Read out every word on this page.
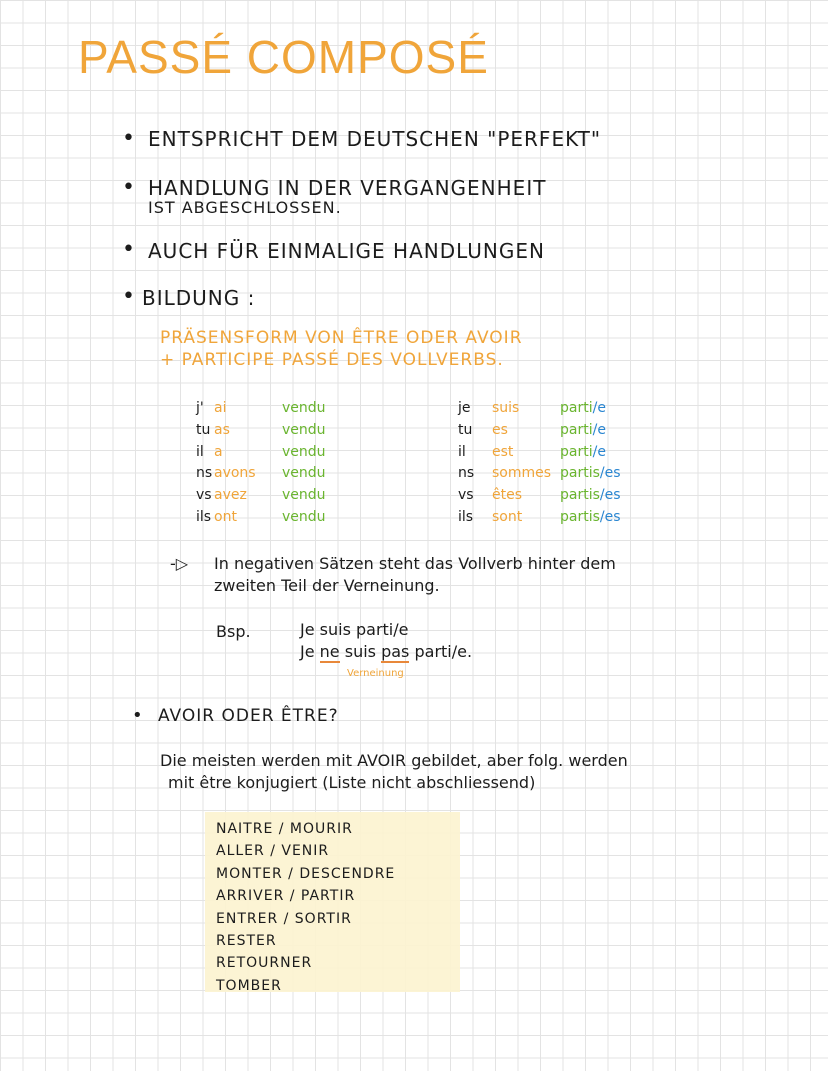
PASSÉ COMPOSÉ
• ENTSPRICHT DEM DEUTSCHEN "PERFEKT"
• HANDLUNG IN DER VERGANGENHEIT
IST ABGESCHLOSSEN.
• AUCH FÜR EINMALIGE HANDLUNGEN
• BILDUNG :
PRÄSENSFORM VON ÊTRE ODER AVOIR
+ PARTICIPE PASSÉ DES VOLLVERBS.
j' ai	vendu
tu as	vendu
il a	vendu
ns avons	vendu
vs avez	vendu
ils ont	vendu
je	suis	parti /e
tu	es	parti /e
il	est	parti /e
ns	sommes partis /es
vs	êtes	partis /es
ils	sont	partis /es
-▷ In negativen Sätzen steht das Vollverb hinter dem
zweiten Teil der Verneinung.
Bsp.	Je suis parti/e
Je ne suis pas parti/e.
Verneinung
• AVOIR ODER ÊTRE?
Die meisten werden mit AVOIR gebildet, aber folg. werden
mit être konjugiert (Liste nicht abschliessend)
NAITRE / MOURIR
ALLER / VENIR
MONTER / DESCENDRE
ARRIVER / PARTIR
ENTRER / SORTIR
RESTER
RETOURNER
TOMBER
